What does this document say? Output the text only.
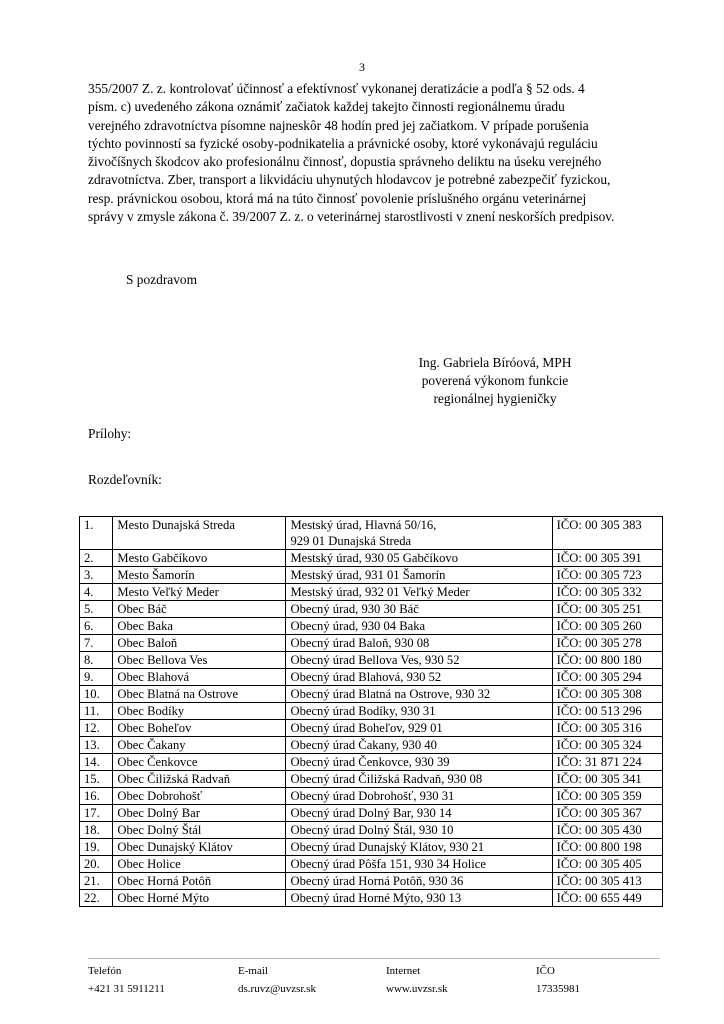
3
355/2007 Z. z. kontrolovať účinnosť a efektívnosť vykonanej deratizácie a podľa § 52 ods. 4
písm. c) uvedeného zákona oznámiť začiatok každej takejto činnosti regionálnemu úradu
verejného zdravotníctva písomne najneskôr 48 hodín pred jej začiatkom. V prípade porušenia
týchto povinností sa fyzické osoby-podnikatelia a právnické osoby, ktoré vykonávajú reguláciu
živočíšnych škodcov ako profesionálnu činnosť, dopustia správneho deliktu na úseku verejného
zdravotníctva. Zber, transport a likvidáciu uhynutých hlodavcov je potrebné zabezpečiť fyzickou,
resp. právnickou osobou, ktorá má na túto činnosť povolenie príslušného orgánu veterinárnej
správy v zmysle zákona č. 39/2007 Z. z. o veterinárnej starostlivosti v znení neskorších predpisov.
S pozdravom
Ing. Gabriela Bíróová, MPH
poverená výkonom funkcie
regionálnej hygieničky
Prílohy:
Rozdeľovník:
1.	Mesto Dunajská Streda	Mestský úrad, Hlavná 50/16,
929 01 Dunajská Streda	IČO: 00 305 383
2.	Mesto Gabčíkovo	Mestský úrad, 930 05 Gabčíkovo	IČO: 00 305 391
3.	Mesto Šamorín	Mestský úrad, 931 01 Šamorín	IČO: 00 305 723
4.	Mesto Veľký Meder	Mestský úrad, 932 01 Veľký Meder	IČO: 00 305 332
5.	Obec Báč	Obecný úrad, 930 30 Báč	IČO: 00 305 251
6.	Obec Baka	Obecný úrad, 930 04 Baka	IČO: 00 305 260
7.	Obec Baloň	Obecný úrad Baloň, 930 08	IČO: 00 305 278
8.	Obec Bellova Ves	Obecný úrad Bellova Ves, 930 52	IČO: 00 800 180
9.	Obec Blahová	Obecný úrad Blahová, 930 52	IČO: 00 305 294
10.	Obec Blatná na Ostrove	Obecný úrad Blatná na Ostrove, 930 32	IČO: 00 305 308
11.	Obec Bodíky	Obecný úrad Bodíky, 930 31	IČO: 00 513 296
12.	Obec Boheľov	Obecný úrad Boheľov, 929 01	IČO: 00 305 316
13.	Obec Čakany	Obecný úrad Čakany, 930 40	IČO: 00 305 324
14.	Obec Čenkovce	Obecný úrad Čenkovce, 930 39	IČO: 31 871 224
15.	Obec Čiližská Radvaň	Obecný úrad Čiližská Radvaň, 930 08	IČO: 00 305 341
16.	Obec Dobrohošť	Obecný úrad Dobrohošť, 930 31	IČO: 00 305 359
17.	Obec Dolný Bar	Obecný úrad Dolný Bar, 930 14	IČO: 00 305 367
18.	Obec Dolný Štál	Obecný úrad Dolný Štál, 930 10	IČO: 00 305 430
19.	Obec Dunajský Klátov	Obecný úrad Dunajský Klátov, 930 21	IČO: 00 800 198
20.	Obec Holice	Obecný úrad Pôšfa 151, 930 34 Holice	IČO: 00 305 405
21.	Obec Horná Potôň	Obecný úrad Horná Potôň, 930 36	IČO: 00 305 413
22.	Obec Horné Mýto	Obecný úrad Horné Mýto, 930 13	IČO: 00 655 449
Telefón
+421 31 5911211
E-mail
ds.ruvz@uvzsr.sk
Internet
www.uvzsr.sk
IČO
17335981
